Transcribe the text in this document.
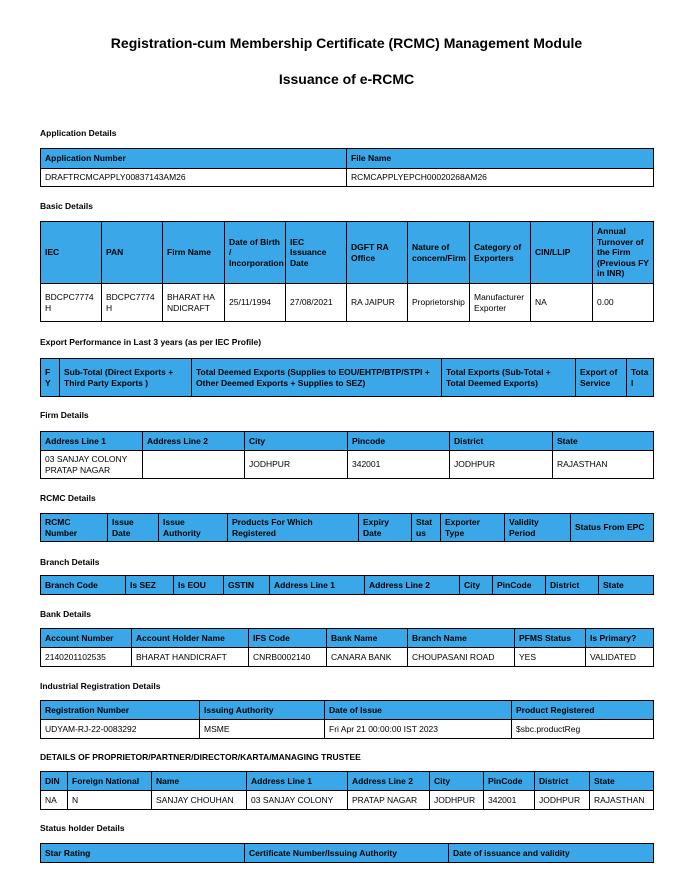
Registration-cum Membership Certificate (RCMC) Management Module
Issuance of e-RCMC
Application Details
Application Number	File Name
DRAFTRCMCAPPLY00837143AM26	RCMCAPPLYEPCH00020268AM26
Basic Details
IEC	PAN	Firm Name	Date of Birth / Incorporation	IEC Issuance Date	DGFT RA Office	Nature of concern/Firm	Category of Exporters	CIN/LLIP	Annual Turnover of the Firm (Previous FY in INR)
BDCPC7774H	BDCPC7774H	BHARAT HANDICRAFT	25/11/1994	27/08/2021	RA JAIPUR	Proprietorship	Manufacturer Exporter	NA	0.00
Export Performance in Last 3 years (as per IEC Profile)
FY	Sub-Total (Direct Exports + Third Party Exports )	Total Deemed Exports (Supplies to EOU/EHTP/BTP/STPI + Other Deemed Exports + Supplies to SEZ)	Total Exports (Sub-Total + Total Deemed Exports)	Export of Service	Total
Firm Details
Address Line 1	Address Line 2	City	Pincode	District	State
03 SANJAY COLONY PRATAP NAGAR		JODHPUR	342001	JODHPUR	RAJASTHAN
RCMC Details
RCMC Number	Issue Date	Issue Authority	Products For Which Registered	Expiry Date	Status	Exporter Type	Validity Period	Status From EPC
Branch Details
Branch Code	Is SEZ	Is EOU	GSTIN	Address Line 1	Address Line 2	City	PinCode	District	State
Bank Details
Account Number	Account Holder Name	IFS Code	Bank Name	Branch Name	PFMS Status	Is Primary?
2140201102535	BHARAT HANDICRAFT	CNRB0002140	CANARA BANK	CHOUPASANI ROAD	YES	VALIDATED
Industrial Registration Details
Registration Number	Issuing Authority	Date of Issue	Product Registered
UDYAM-RJ-22-0083292	MSME	Fri Apr 21 00:00:00 IST 2023	$sbc.productReg
DETAILS OF PROPRIETOR/PARTNER/DIRECTOR/KARTA/MANAGING TRUSTEE
DIN	Foreign National	Name	Address Line 1	Address Line 2	City	PinCode	District	State
NA	N	SANJAY CHOUHAN	03 SANJAY COLONY	PRATAP NAGAR	JODHPUR	342001	JODHPUR	RAJASTHAN
Status holder Details
Star Rating	Certificate Number/Issuing Authority	Date of issuance and validity
